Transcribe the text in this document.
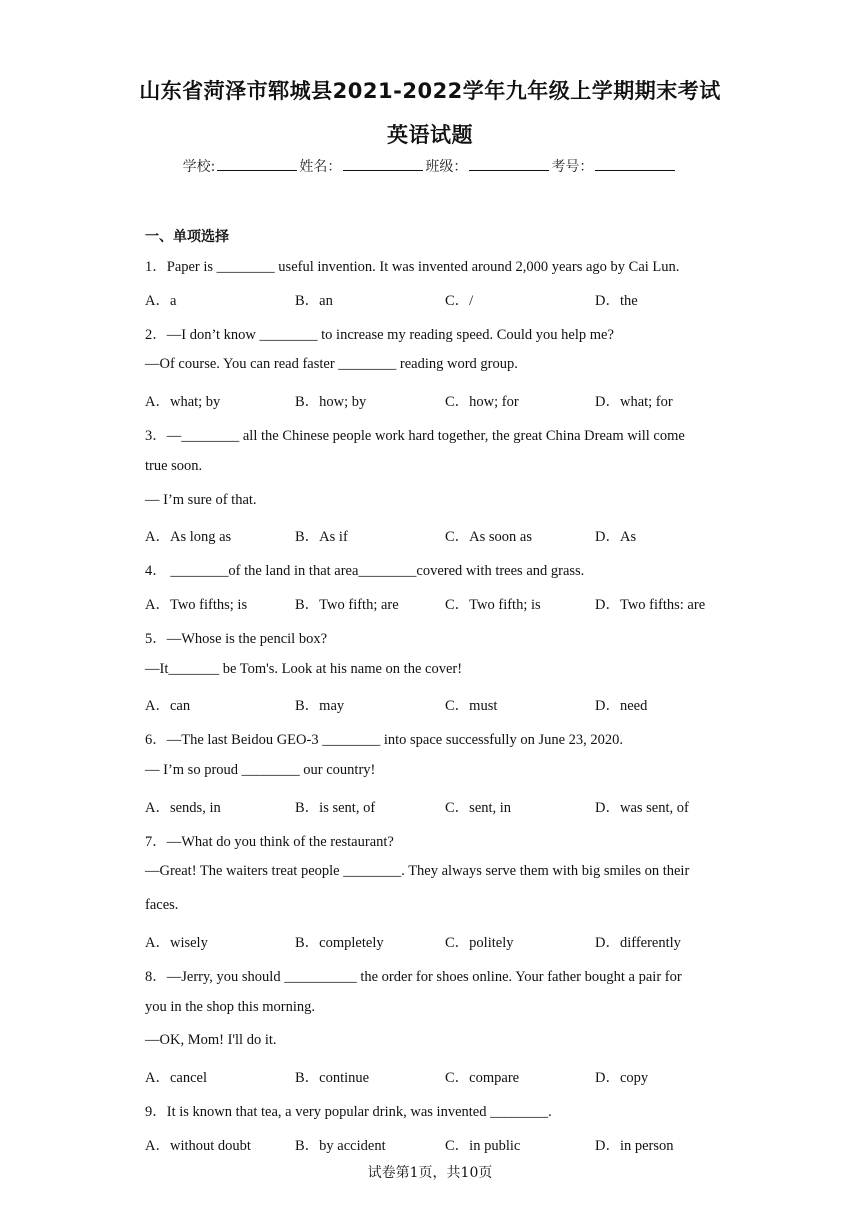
山东省菏泽市郓城县2021-2022学年九年级上学期期末考试
英语试题
学校:	姓名：	班级：	考号：
一、单项选择
1．Paper is ________ useful invention. It was invented around 2,000 years ago by Cai Lun.
A．a	B．an	C．/	D．the
2．—I don’t know ________ to increase my reading speed. Could you help me?
—Of course. You can read faster ________ reading word group.
A．what; by	B．how; by	C．how; for	D．what; for
3．—________ all the Chinese people work hard together, the great China Dream will come
true soon.
— I’m sure of that.
A．As long as	B．As if	C．As soon as	D．As
4． ________of the land in that area________covered with trees and grass.
A．Two fifths; is	B．Two fifth; are	C．Two fifth; is	D．Two fifths: are
5．—Whose is the pencil box?
—It_______ be Tom's. Look at his name on the cover!
A．can	B．may	C．must	D．need
6．—The last Beidou GEO-3 ________ into space successfully on June 23, 2020.
— I’m so proud ________ our country!
A．sends, in	B．is sent, of	C．sent, in	D．was sent, of
7．—What do you think of the restaurant?
—Great! The waiters treat people ________. They always serve them with big smiles on their
faces.
A．wisely	B．completely	C．politely	D．differently
8．—Jerry, you should __________ the order for shoes online. Your father bought a pair for
you in the shop this morning.
—OK, Mom! I'll do it.
A．cancel	B．continue	C．compare	D．copy
9．It is known that tea, a very popular drink, was invented ________.
A．without doubt	B．by accident	C．in public	D．in person
试卷第1页，共10页
